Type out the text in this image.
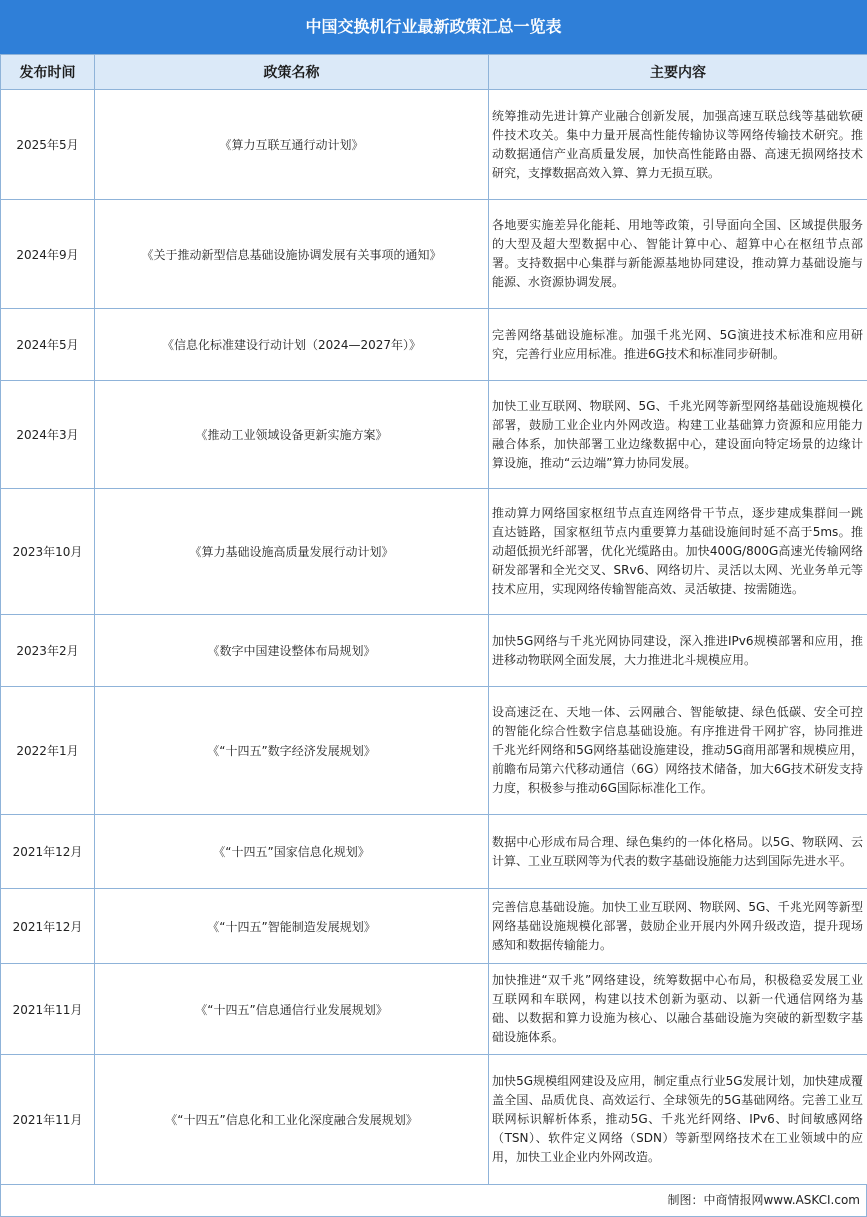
中国交换机行业最新政策汇总一览表
发布时间	政策名称	主要内容
2025年5月	《算力互联互通行动计划》	统筹推动先进计算产业融合创新发展，加强高速互联总线等基础软硬件技术攻关。集中力量开展高性能传输协议等网络传输技术研究。推动数据通信产业高质量发展，加快高性能路由器、高速无损网络技术研究，支撑数据高效入算、算力无损互联。
2024年9月	《关于推动新型信息基础设施协调发展有关事项的通知》	各地要实施差异化能耗、用地等政策，引导面向全国、区域提供服务的大型及超大型数据中心、智能计算中心、超算中心在枢纽节点部署。支持数据中心集群与新能源基地协同建设，推动算力基础设施与能源、水资源协调发展。
2024年5月	《信息化标准建设行动计划（2024—2027年）》	完善网络基础设施标准。加强千兆光网、5G演进技术标准和应用研究，完善行业应用标准。推进6G技术和标准同步研制。
2024年3月	《推动工业领域设备更新实施方案》	加快工业互联网、物联网、5G、千兆光网等新型网络基础设施规模化部署，鼓励工业企业内外网改造。构建工业基础算力资源和应用能力融合体系，加快部署工业边缘数据中心，建设面向特定场景的边缘计算设施，推动“云边端”算力协同发展。
2023年10月	《算力基础设施高质量发展行动计划》	推动算力网络国家枢纽节点直连网络骨干节点，逐步建成集群间一跳直达链路，国家枢纽节点内重要算力基础设施间时延不高于5ms。推动超低损光纤部署，优化光缆路由。加快400G/800G高速光传输网络研发部署和全光交叉、SRv6、网络切片、灵活以太网、光业务单元等技术应用，实现网络传输智能高效、灵活敏捷、按需随选。
2023年2月	《数字中国建设整体布局规划》	加快5G网络与千兆光网协同建设，深入推进IPv6规模部署和应用，推进移动物联网全面发展，大力推进北斗规模应用。
2022年1月	《“十四五”数字经济发展规划》	设高速泛在、天地一体、云网融合、智能敏捷、绿色低碳、安全可控的智能化综合性数字信息基础设施。有序推进骨干网扩容，协同推进千兆光纤网络和5G网络基础设施建设，推动5G商用部署和规模应用，前瞻布局第六代移动通信（6G）网络技术储备，加大6G技术研发支持力度，积极参与推动6G国际标准化工作。
2021年12月	《“十四五”国家信息化规划》	数据中心形成布局合理、绿色集约的一体化格局。以5G、物联网、云计算、工业互联网等为代表的数字基础设施能力达到国际先进水平。
2021年12月	《“十四五”智能制造发展规划》	完善信息基础设施。加快工业互联网、物联网、5G、千兆光网等新型网络基础设施规模化部署，鼓励企业开展内外网升级改造，提升现场感知和数据传输能力。
2021年11月	《“十四五”信息通信行业发展规划》	加快推进“双千兆”网络建设，统筹数据中心布局，积极稳妥发展工业互联网和车联网，构建以技术创新为驱动、以新一代通信网络为基础、以数据和算力设施为核心、以融合基础设施为突破的新型数字基础设施体系。
2021年11月	《“十四五”信息化和工业化深度融合发展规划》	加快5G规模组网建设及应用，制定重点行业5G发展计划，加快建成覆盖全国、品质优良、高效运行、全球领先的5G基础网络。完善工业互联网标识解析体系，推动5G、千兆光纤网络、IPv6、时间敏感网络（TSN）、软件定义网络（SDN）等新型网络技术在工业领域中的应用，加快工业企业内外网改造。
制图：中商情报网www.ASKCI.com
